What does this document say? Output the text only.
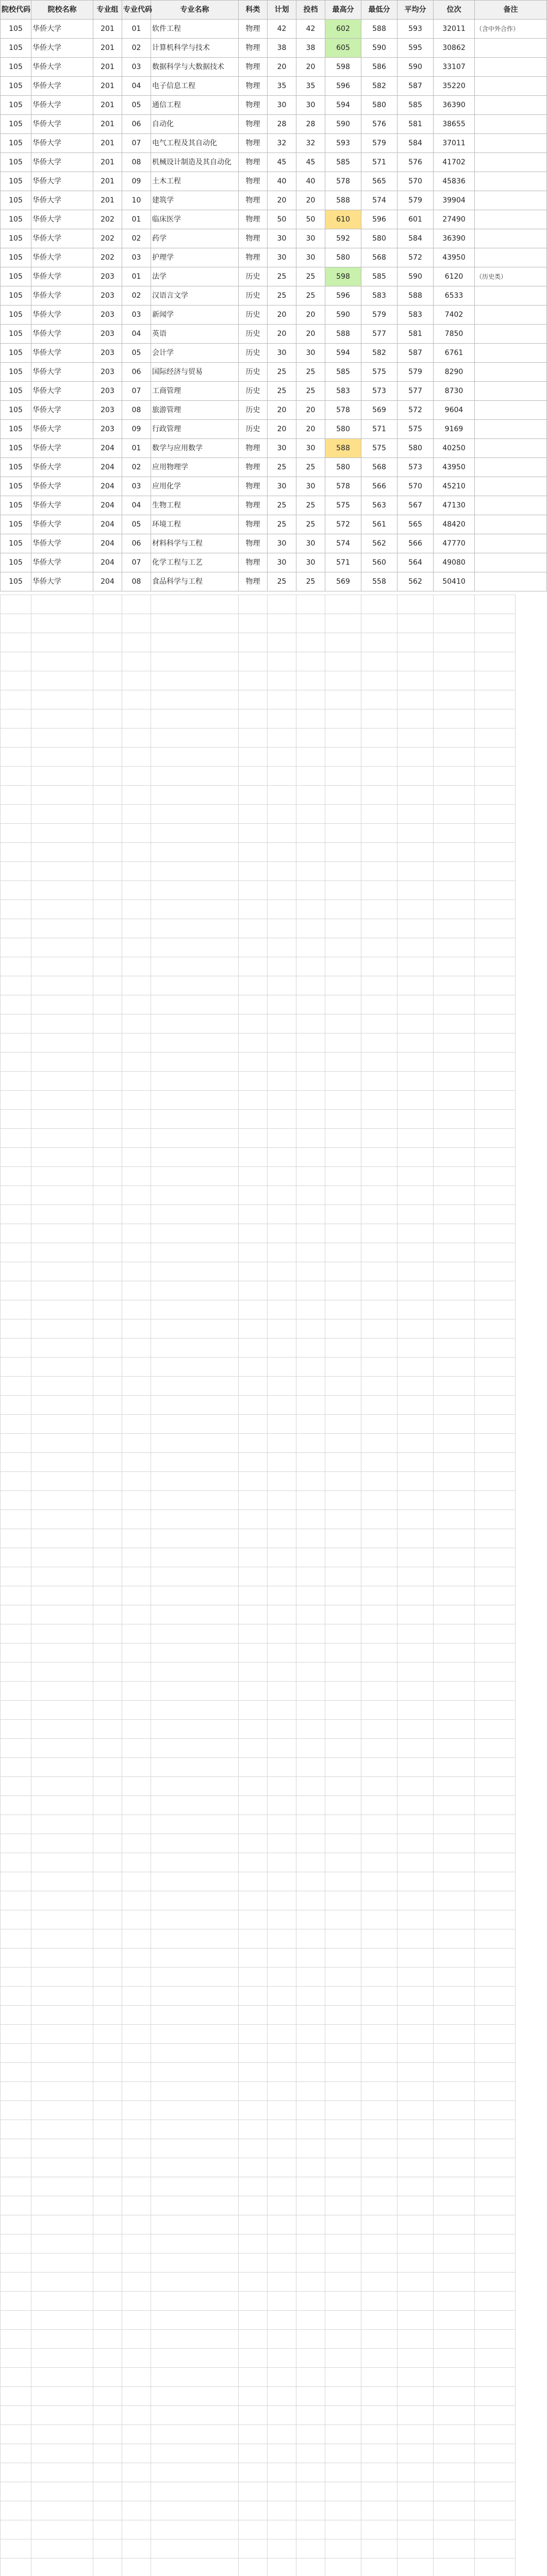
院校代码	院校名称	专业组	专业代码	专业名称	科类	计划	投档	最高分	最低分	平均分	位次	备注
105	华侨大学	201	01	软件工程	物理	42	42	602	588	593	32011	（含中外合作）
105	华侨大学	201	02	计算机科学与技术	物理	38	38	605	590	595	30862	
105	华侨大学	201	03	数据科学与大数据技术	物理	20	20	598	586	590	33107	
105	华侨大学	201	04	电子信息工程	物理	35	35	596	582	587	35220	
105	华侨大学	201	05	通信工程	物理	30	30	594	580	585	36390	
105	华侨大学	201	06	自动化	物理	28	28	590	576	581	38655	
105	华侨大学	201	07	电气工程及其自动化	物理	32	32	593	579	584	37011	
105	华侨大学	201	08	机械设计制造及其自动化	物理	45	45	585	571	576	41702	
105	华侨大学	201	09	土木工程	物理	40	40	578	565	570	45836	
105	华侨大学	201	10	建筑学	物理	20	20	588	574	579	39904	
105	华侨大学	202	01	临床医学	物理	50	50	610	596	601	27490	
105	华侨大学	202	02	药学	物理	30	30	592	580	584	36390	
105	华侨大学	202	03	护理学	物理	30	30	580	568	572	43950	
105	华侨大学	203	01	法学	历史	25	25	598	585	590	6120	（历史类）
105	华侨大学	203	02	汉语言文学	历史	25	25	596	583	588	6533	
105	华侨大学	203	03	新闻学	历史	20	20	590	579	583	7402	
105	华侨大学	203	04	英语	历史	20	20	588	577	581	7850	
105	华侨大学	203	05	会计学	历史	30	30	594	582	587	6761	
105	华侨大学	203	06	国际经济与贸易	历史	25	25	585	575	579	8290	
105	华侨大学	203	07	工商管理	历史	25	25	583	573	577	8730	
105	华侨大学	203	08	旅游管理	历史	20	20	578	569	572	9604	
105	华侨大学	203	09	行政管理	历史	20	20	580	571	575	9169	
105	华侨大学	204	01	数学与应用数学	物理	30	30	588	575	580	40250	
105	华侨大学	204	02	应用物理学	物理	25	25	580	568	573	43950	
105	华侨大学	204	03	应用化学	物理	30	30	578	566	570	45210	
105	华侨大学	204	04	生物工程	物理	25	25	575	563	567	47130	
105	华侨大学	204	05	环境工程	物理	25	25	572	561	565	48420	
105	华侨大学	204	06	材料科学与工程	物理	30	30	574	562	566	47770	
105	华侨大学	204	07	化学工程与工艺	物理	30	30	571	560	564	49080	
105	华侨大学	204	08	食品科学与工程	物理	25	25	569	558	562	50410	
